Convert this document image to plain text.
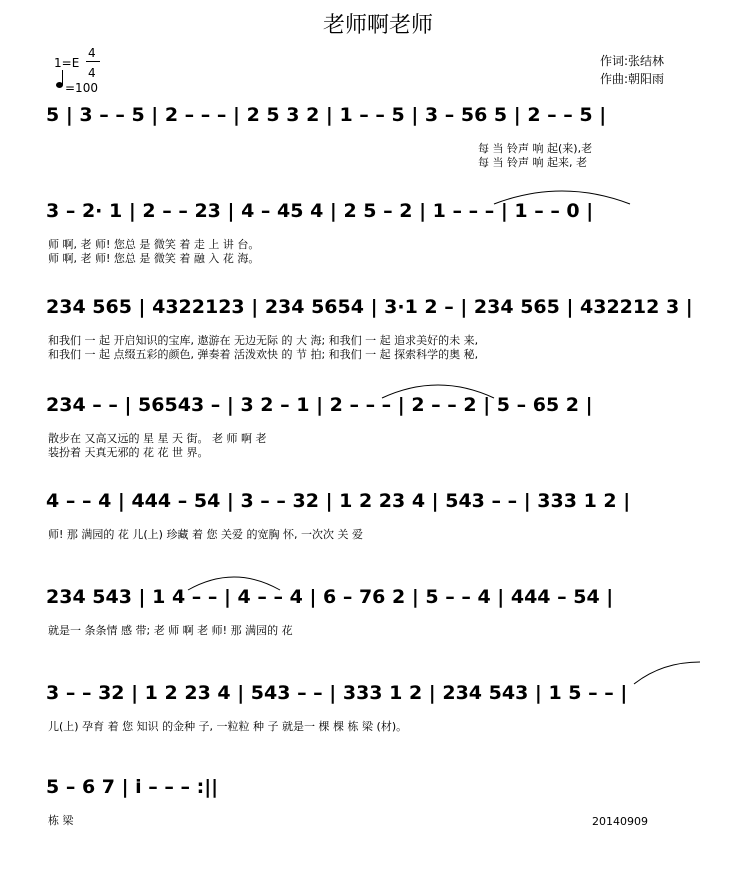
老师啊老师
1=E
4
4
=100
作词:张结林
作曲:朝阳雨
5 | 3 – – 5 | 2 – – – | 2 5 3 2 | 1 – – 5 | 3 – 56 5 | 2 – – 5 |
每 当 铃声 响 起(来),老
每 当 铃声 响 起来, 老
3 – 2· 1 | 2 – – 23 | 4 – 45 4 | 2 5 – 2 | 1 – – – | 1 – – 0 |
师 啊, 老 师! 您总 是 微笑 着 走 上 讲 台。
师 啊, 老 师! 您总 是 微笑 着 融 入 花 海。
234 565 | 4322123 | 234 5654 | 3·1 2 – | 234 565 | 432212 3 |
和我们 一 起 开启知识的宝库, 遨游在 无边无际 的 大 海; 和我们 一 起 追求美好的未 来,
和我们 一 起 点缀五彩的颜色, 弹奏着 活泼欢快 的 节 拍; 和我们 一 起 探索科学的奥 秘,
234 – – | 56543 – | 3 2 – 1 | 2 – – – | 2 – – 2 | 5 – 65 2 |
散步在 又高又远的 星 星 天 街。 老 师 啊 老
装扮着 天真无邪的 花 花 世 界。
4 – – 4 | 444 – 54 | 3 – – 32 | 1 2 23 4 | 543 – – | 333 1 2 |
师! 那 满园的 花 儿(上) 珍藏 着 您 关爱 的宽胸 怀, 一次次 关 爱
234 543 | 1 4 – – | 4 – – 4 | 6 – 76 2 | 5 – – 4 | 444 – 54 |
就是一 条条情 感 带; 老 师 啊 老 师! 那 满园的 花
3 – – 32 | 1 2 23 4 | 543 – – | 333 1 2 | 234 543 | 1 5 – – |
儿(上) 孕育 着 您 知识 的金种 子, 一粒粒 种 子 就是一 棵 棵 栋 梁 (材)。
5 – 6 7 | i – – – :||
栋 梁	20140909
